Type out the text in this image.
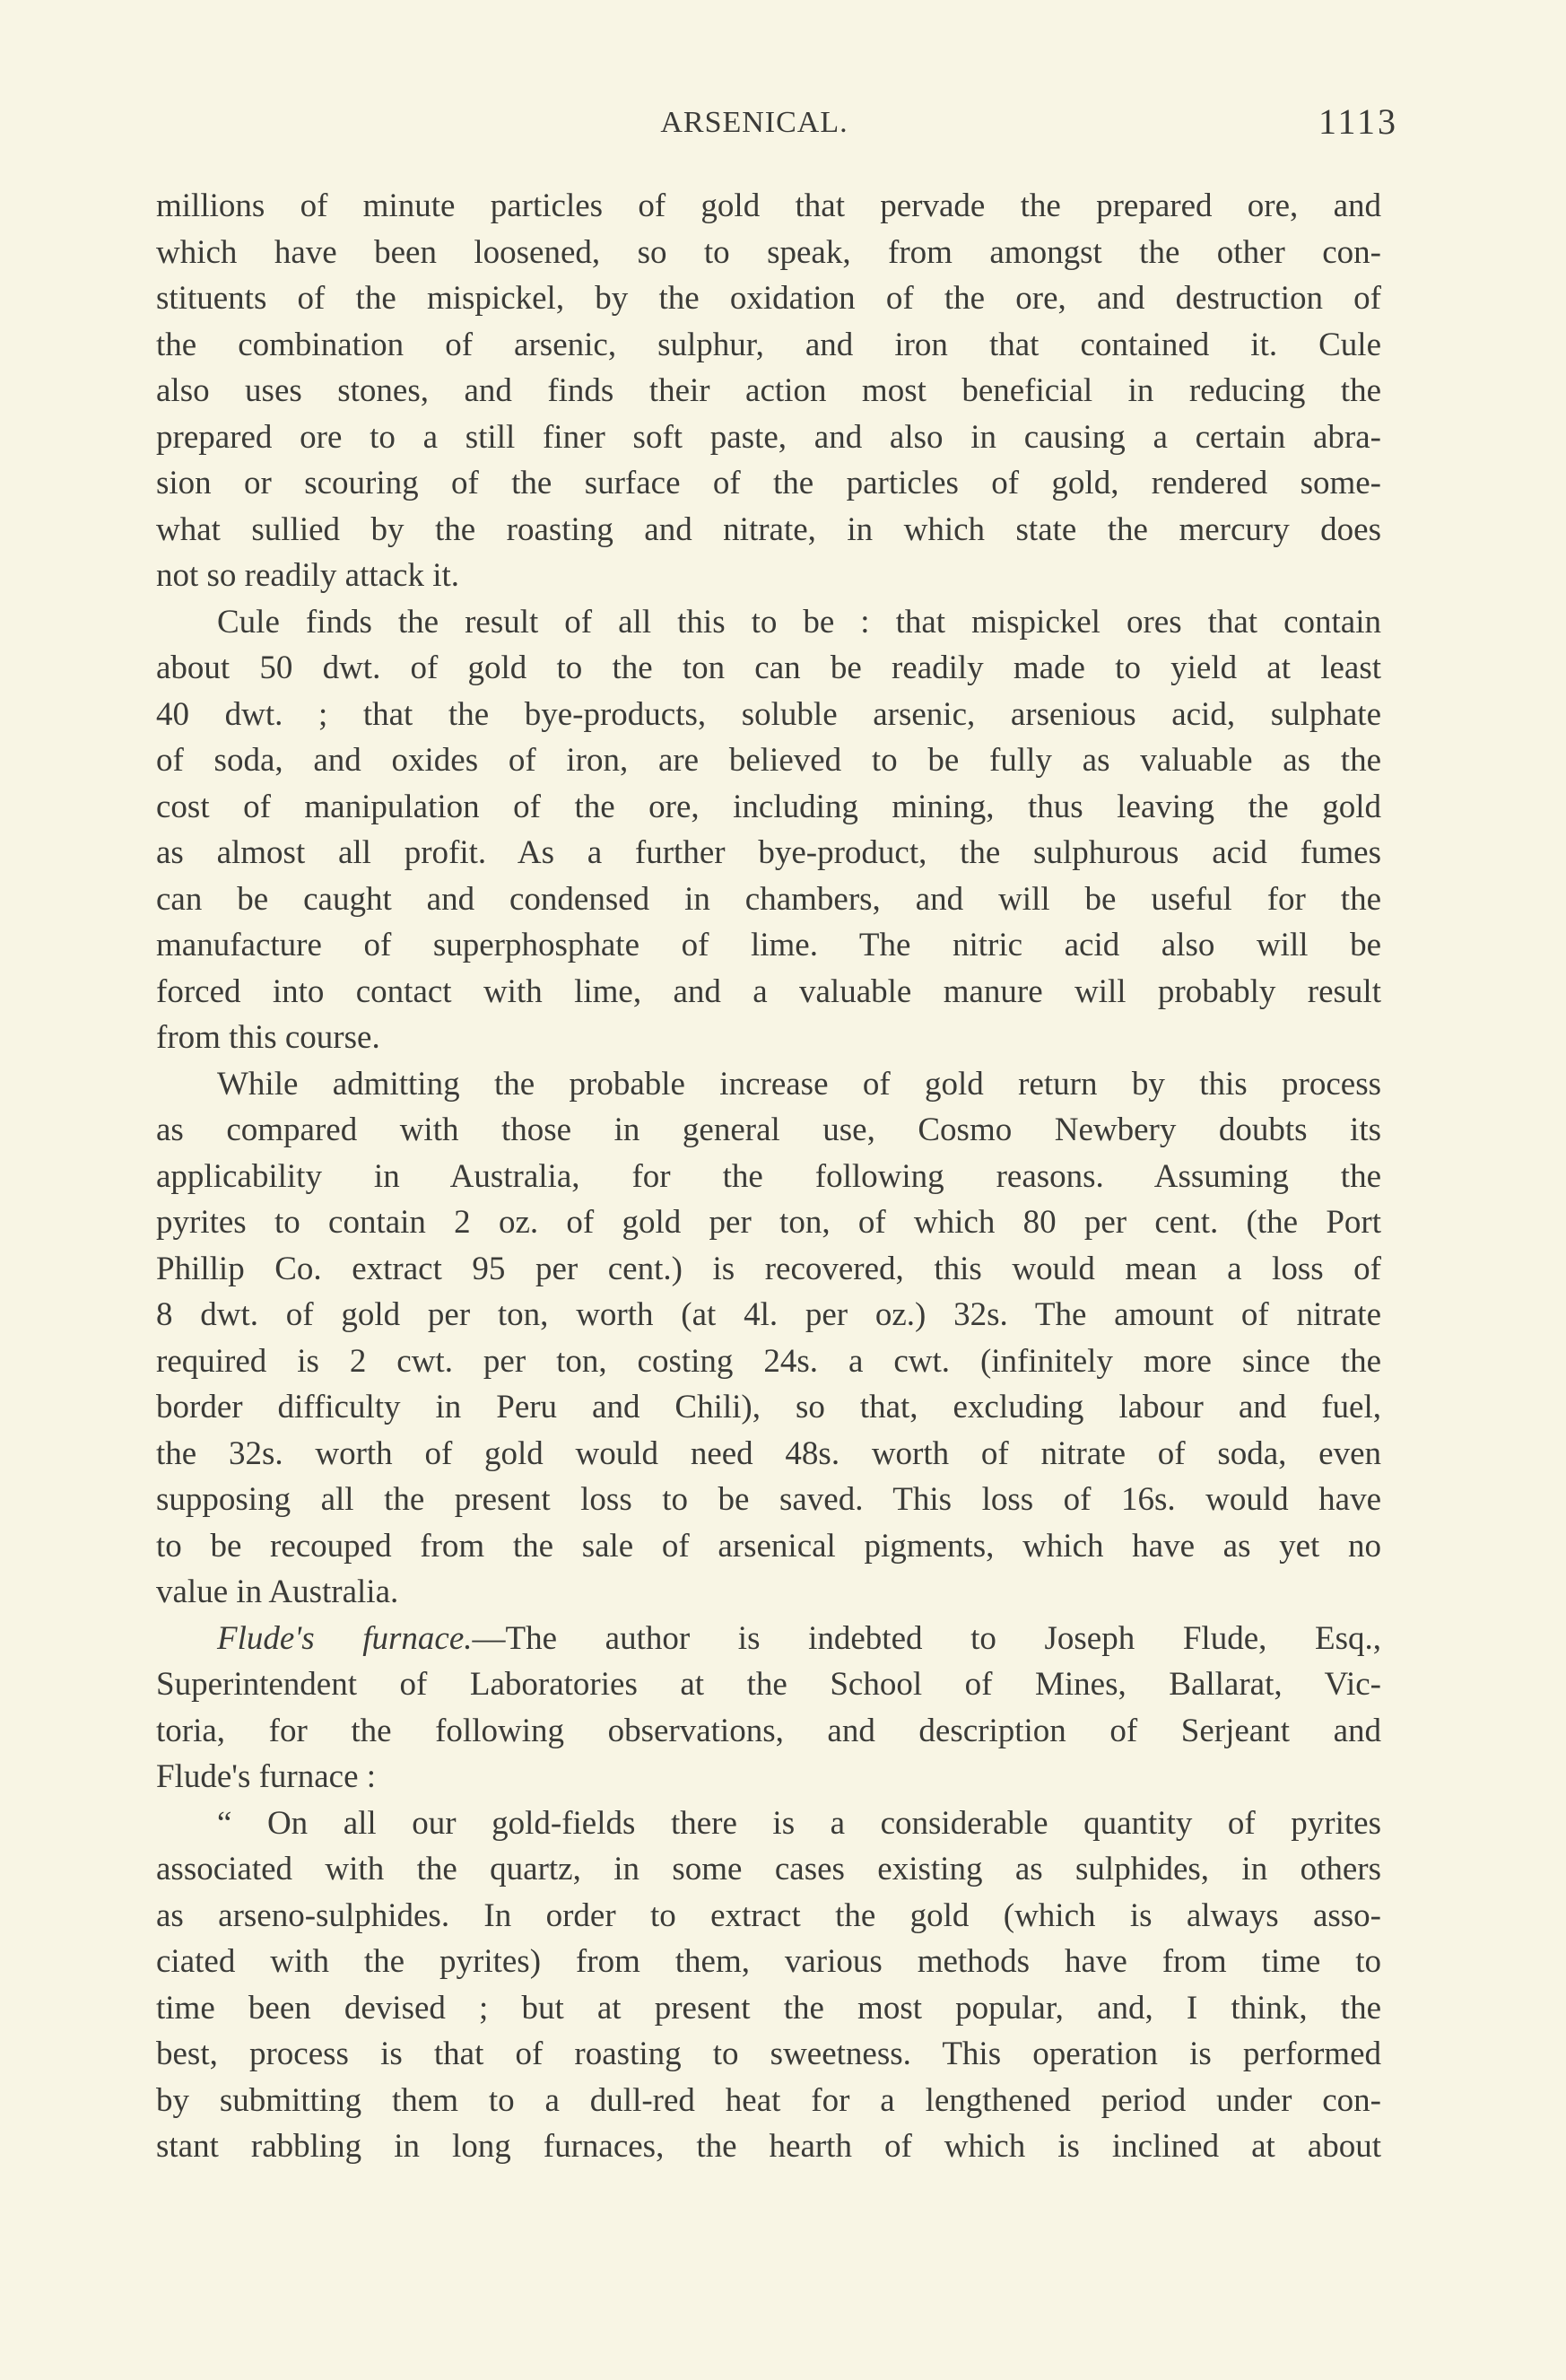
ARSENICAL.	1113
millions of minute particles of gold that pervade the prepared ore, and
which have been loosened, so to speak, from amongst the other con-
stituents of the mispickel, by the oxidation of the ore, and destruction of
the combination of arsenic, sulphur, and iron that contained it. Cule
also uses stones, and finds their action most beneficial in reducing the
prepared ore to a still finer soft paste, and also in causing a certain abra-
sion or scouring of the surface of the particles of gold, rendered some-
what sullied by the roasting and nitrate, in which state the mercury does
not so readily attack it.
Cule finds the result of all this to be : that mispickel ores that contain
about 50 dwt. of gold to the ton can be readily made to yield at least
40 dwt. ; that the bye-products, soluble arsenic, arsenious acid, sulphate
of soda, and oxides of iron, are believed to be fully as valuable as the
cost of manipulation of the ore, including mining, thus leaving the gold
as almost all profit. As a further bye-product, the sulphurous acid fumes
can be caught and condensed in chambers, and will be useful for the
manufacture of superphosphate of lime. The nitric acid also will be
forced into contact with lime, and a valuable manure will probably result
from this course.
While admitting the probable increase of gold return by this process
as compared with those in general use, Cosmo Newbery doubts its
applicability in Australia, for the following reasons. Assuming the
pyrites to contain 2 oz. of gold per ton, of which 80 per cent. (the Port
Phillip Co. extract 95 per cent.) is recovered, this would mean a loss of
8 dwt. of gold per ton, worth (at 4l. per oz.) 32s. The amount of nitrate
required is 2 cwt. per ton, costing 24s. a cwt. (infinitely more since the
border difficulty in Peru and Chili), so that, excluding labour and fuel,
the 32s. worth of gold would need 48s. worth of nitrate of soda, even
supposing all the present loss to be saved. This loss of 16s. would have
to be recouped from the sale of arsenical pigments, which have as yet no
value in Australia.
Flude's furnace.—The author is indebted to Joseph Flude, Esq.,
Superintendent of Laboratories at the School of Mines, Ballarat, Vic-
toria, for the following observations, and description of Serjeant and
Flude's furnace :
“ On all our gold-fields there is a considerable quantity of pyrites
associated with the quartz, in some cases existing as sulphides, in others
as arseno-sulphides. In order to extract the gold (which is always asso-
ciated with the pyrites) from them, various methods have from time to
time been devised ; but at present the most popular, and, I think, the
best, process is that of roasting to sweetness. This operation is performed
by submitting them to a dull-red heat for a lengthened period under con-
stant rabbling in long furnaces, the hearth of which is inclined at about
